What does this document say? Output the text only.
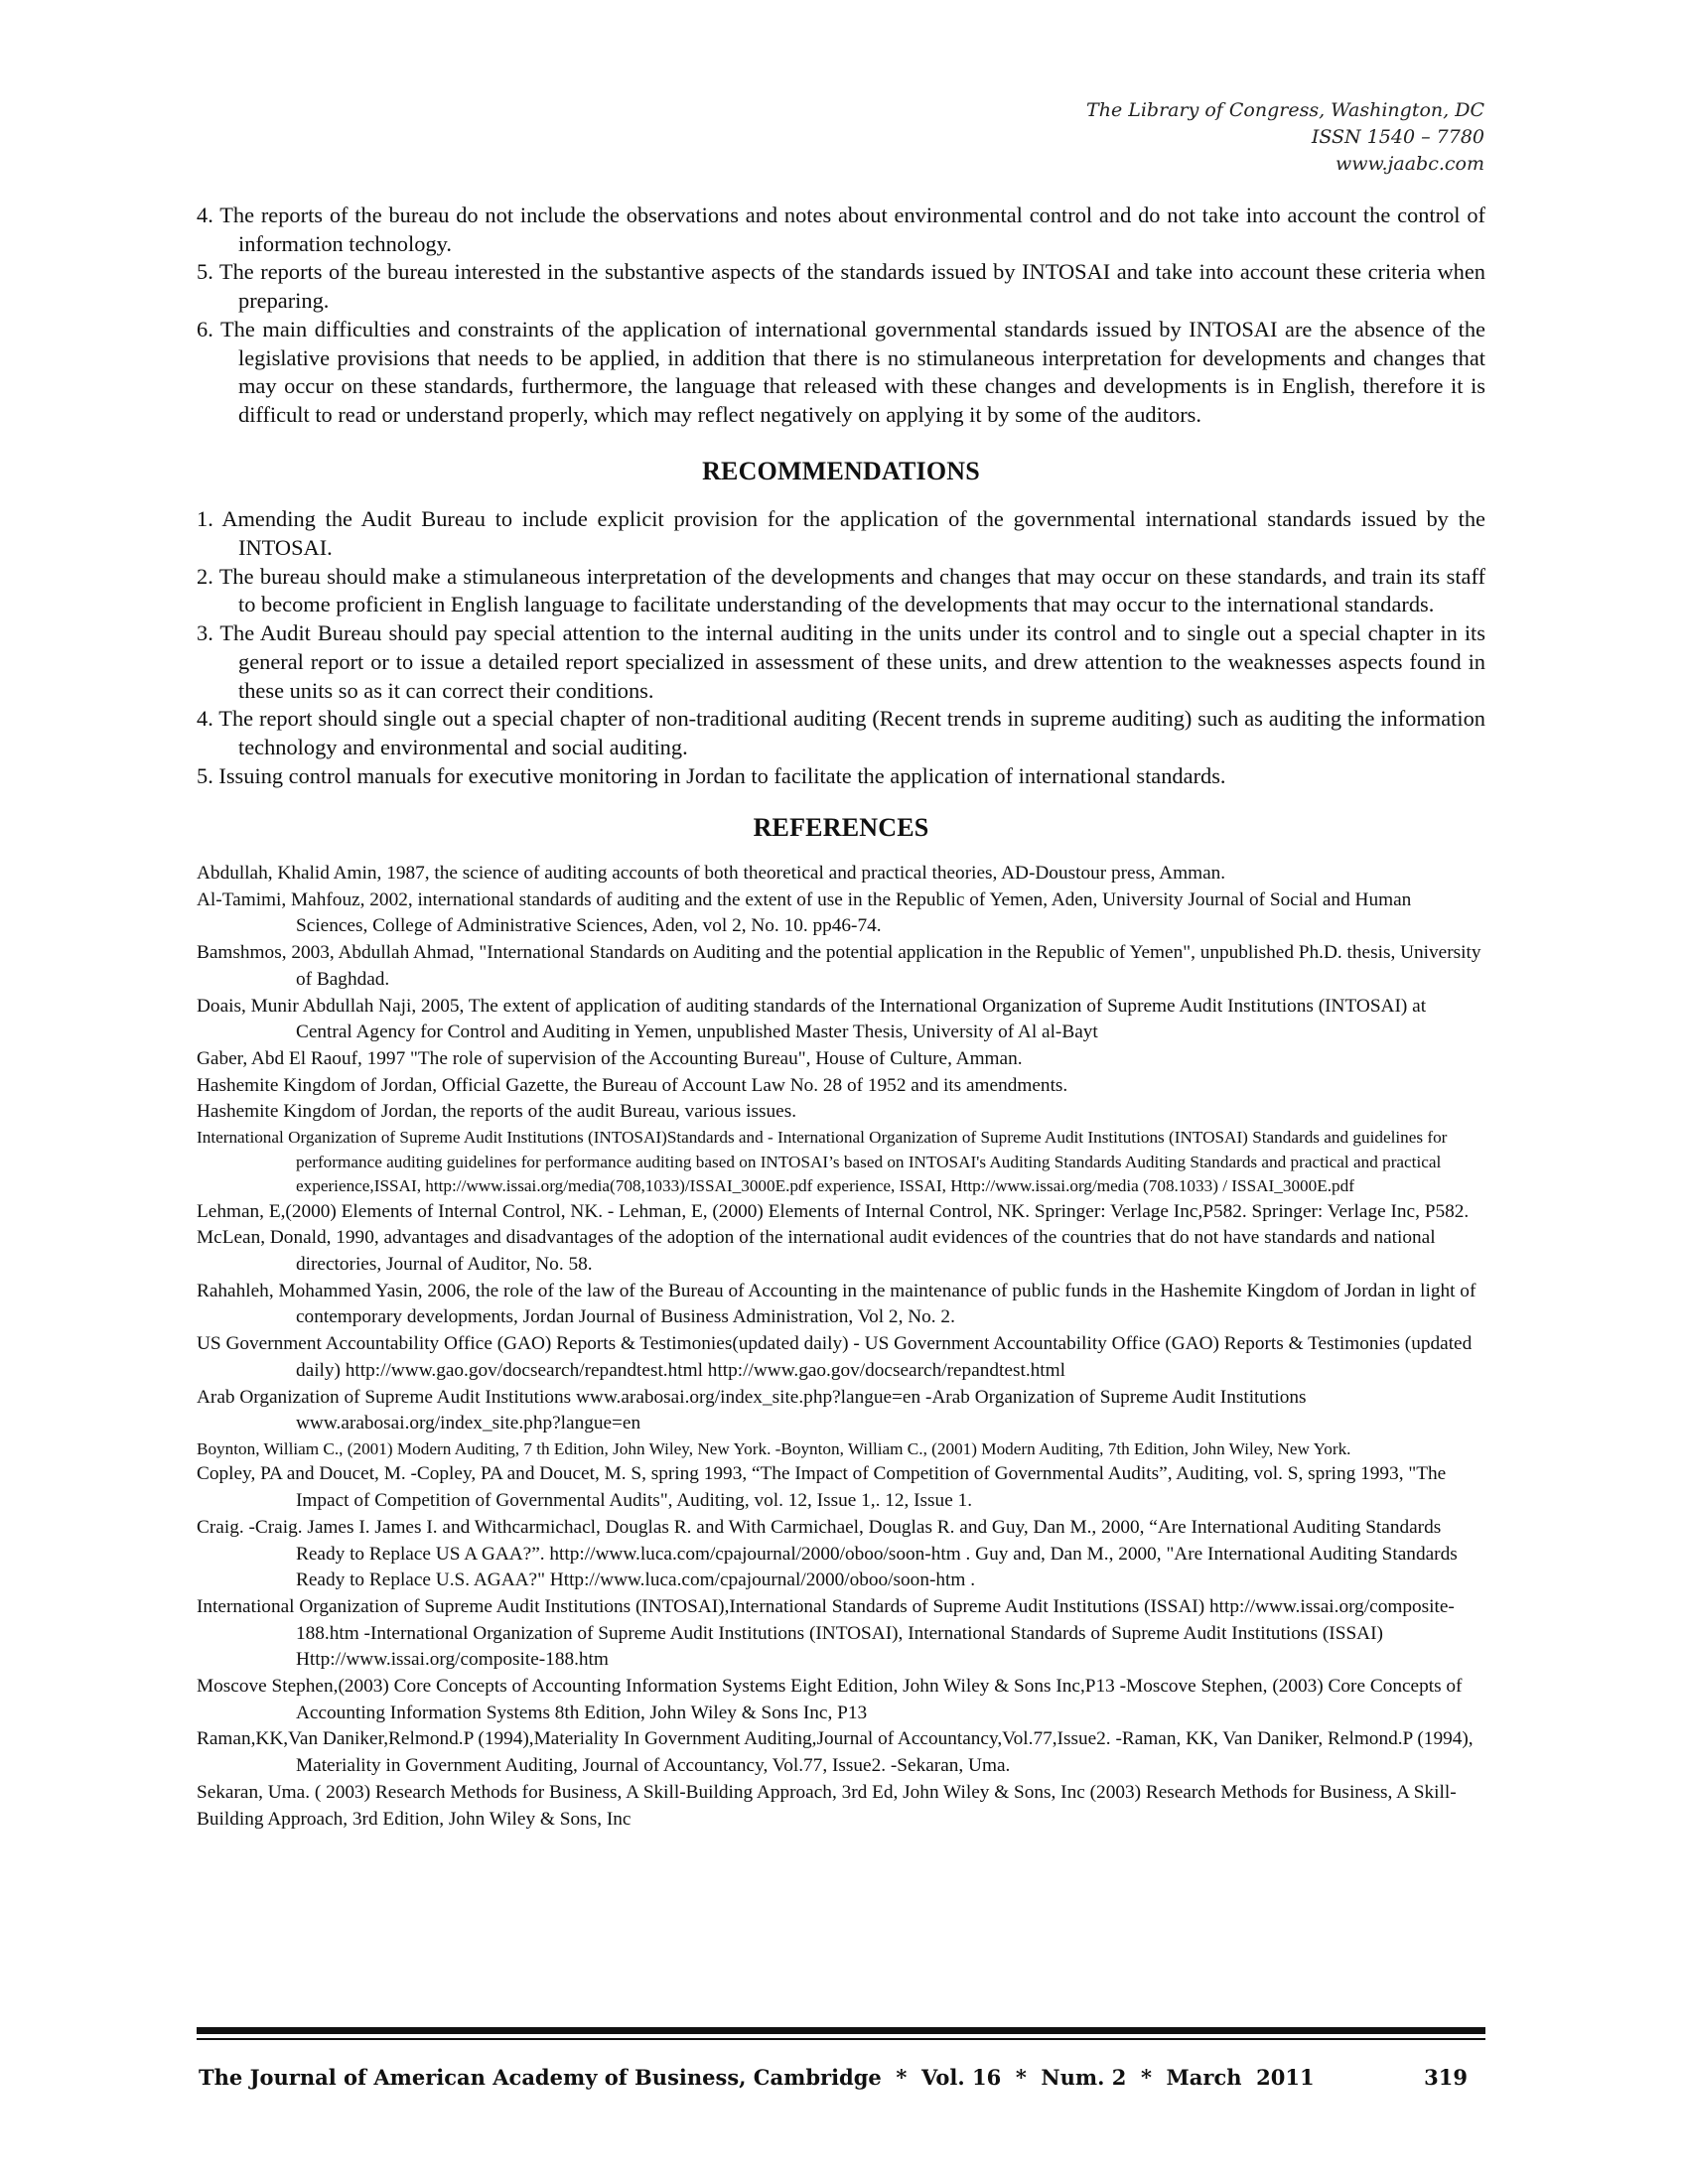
The Library of Congress, Washington, DC
ISSN 1540 – 7780
www.jaabc.com
4. The reports of the bureau do not include the observations and notes about environmental control and do not take into account the control of information technology.
5. The reports of the bureau interested in the substantive aspects of the standards issued by INTOSAI and take into account these criteria when preparing.
6. The main difficulties and constraints of the application of international governmental standards issued by INTOSAI are the absence of the legislative provisions that needs to be applied, in addition that there is no stimulaneous interpretation for developments and changes that may occur on these standards, furthermore, the language that released with these changes and developments is in English, therefore it is difficult to read or understand properly, which may reflect negatively on applying it by some of the auditors.
RECOMMENDATIONS
1. Amending the Audit Bureau to include explicit provision for the application of the governmental international standards issued by the INTOSAI.
2. The bureau should make a stimulaneous interpretation of the developments and changes that may occur on these standards, and train its staff to become proficient in English language to facilitate understanding of the developments that may occur to the international standards.
3. The Audit Bureau should pay special attention to the internal auditing in the units under its control and to single out a special chapter in its general report or to issue a detailed report specialized in assessment of these units, and drew attention to the weaknesses aspects found in these units so as it can correct their conditions.
4. The report should single out a special chapter of non-traditional auditing (Recent trends in supreme auditing) such as auditing the information technology and environmental and social auditing.
5. Issuing control manuals for executive monitoring in Jordan to facilitate the application of international standards.
REFERENCES
Abdullah, Khalid Amin, 1987, the science of auditing accounts of both theoretical and practical theories, AD-Doustour press, Amman.
Al-Tamimi, Mahfouz, 2002, international standards of auditing and the extent of use in the Republic of Yemen, Aden, University Journal of Social and Human Sciences, College of Administrative Sciences, Aden, vol 2, No. 10. pp46-74.
Bamshmos, 2003, Abdullah Ahmad, "International Standards on Auditing and the potential application in the Republic of Yemen", unpublished Ph.D. thesis, University of Baghdad.
Doais, Munir Abdullah Naji, 2005, The extent of application of auditing standards of the International Organization of Supreme Audit Institutions (INTOSAI) at Central Agency for Control and Auditing in Yemen, unpublished Master Thesis, University of Al al-Bayt
Gaber, Abd El Raouf, 1997 "The role of supervision of the Accounting Bureau", House of Culture, Amman.
Hashemite Kingdom of Jordan, Official Gazette, the Bureau of Account Law No. 28 of 1952 and its amendments.
Hashemite Kingdom of Jordan, the reports of the audit Bureau, various issues.
International Organization of Supreme Audit Institutions (INTOSAI)Standards and - International Organization of Supreme Audit Institutions (INTOSAI) Standards and guidelines for performance auditing guidelines for performance auditing based on INTOSAI’s based on INTOSAI's Auditing Standards Auditing Standards and practical and practical experience,ISSAI, http://www.issai.org/media(708,1033)/ISSAI_3000E.pdf experience, ISSAI, Http://www.issai.org/media (708.1033) / ISSAI_3000E.pdf
Lehman, E,(2000) Elements of Internal Control, NK. - Lehman, E, (2000) Elements of Internal Control, NK. Springer: Verlage Inc,P582. Springer: Verlage Inc, P582.
McLean, Donald, 1990, advantages and disadvantages of the adoption of the international audit evidences of the countries that do not have standards and national directories, Journal of Auditor, No. 58.
Rahahleh, Mohammed Yasin, 2006, the role of the law of the Bureau of Accounting in the maintenance of public funds in the Hashemite Kingdom of Jordan in light of contemporary developments, Jordan Journal of Business Administration, Vol 2, No. 2.
US Government Accountability Office (GAO) Reports & Testimonies(updated daily) - US Government Accountability Office (GAO) Reports & Testimonies (updated daily) http://www.gao.gov/docsearch/repandtest.html http://www.gao.gov/docsearch/repandtest.html
Arab Organization of Supreme Audit Institutions www.arabosai.org/index_site.php?langue=en -Arab Organization of Supreme Audit Institutions www.arabosai.org/index_site.php?langue=en
Boynton, William C., (2001) Modern Auditing, 7 th Edition, John Wiley, New York. -Boynton, William C., (2001) Modern Auditing, 7th Edition, John Wiley, New York.
Copley, PA and Doucet, M. -Copley, PA and Doucet, M. S, spring 1993, “The Impact of Competition of Governmental Audits”, Auditing, vol. S, spring 1993, "The Impact of Competition of Governmental Audits", Auditing, vol. 12, Issue 1,. 12, Issue 1.
Craig. -Craig. James I. James I. and Withcarmichacl, Douglas R. and With Carmichael, Douglas R. and Guy, Dan M., 2000, “Are International Auditing Standards Ready to Replace US A GAA?”. http://www.luca.com/cpajournal/2000/oboo/soon-htm . Guy and, Dan M., 2000, "Are International Auditing Standards Ready to Replace U.S. AGAA?" Http://www.luca.com/cpajournal/2000/oboo/soon-htm .
International Organization of Supreme Audit Institutions (INTOSAI),International Standards of Supreme Audit Institutions (ISSAI) http://www.issai.org/composite-188.htm -International Organization of Supreme Audit Institutions (INTOSAI), International Standards of Supreme Audit Institutions (ISSAI) Http://www.issai.org/composite-188.htm
Moscove Stephen,(2003) Core Concepts of Accounting Information Systems Eight Edition, John Wiley & Sons Inc,P13 -Moscove Stephen, (2003) Core Concepts of Accounting Information Systems 8th Edition, John Wiley & Sons Inc, P13
Raman,KK,Van Daniker,Relmond.P (1994),Materiality In Government Auditing,Journal of Accountancy,Vol.77,Issue2. -Raman, KK, Van Daniker, Relmond.P (1994), Materiality in Government Auditing, Journal of Accountancy, Vol.77, Issue2. -Sekaran, Uma.
Sekaran, Uma. ( 2003) Research Methods for Business, A Skill-Building Approach, 3rd Ed, John Wiley & Sons, Inc (2003) Research Methods for Business, A Skill-Building Approach, 3rd Edition, John Wiley & Sons, Inc
The Journal of American Academy of Business, Cambridge  *  Vol. 16  *  Num. 2  *  March  2011	319
